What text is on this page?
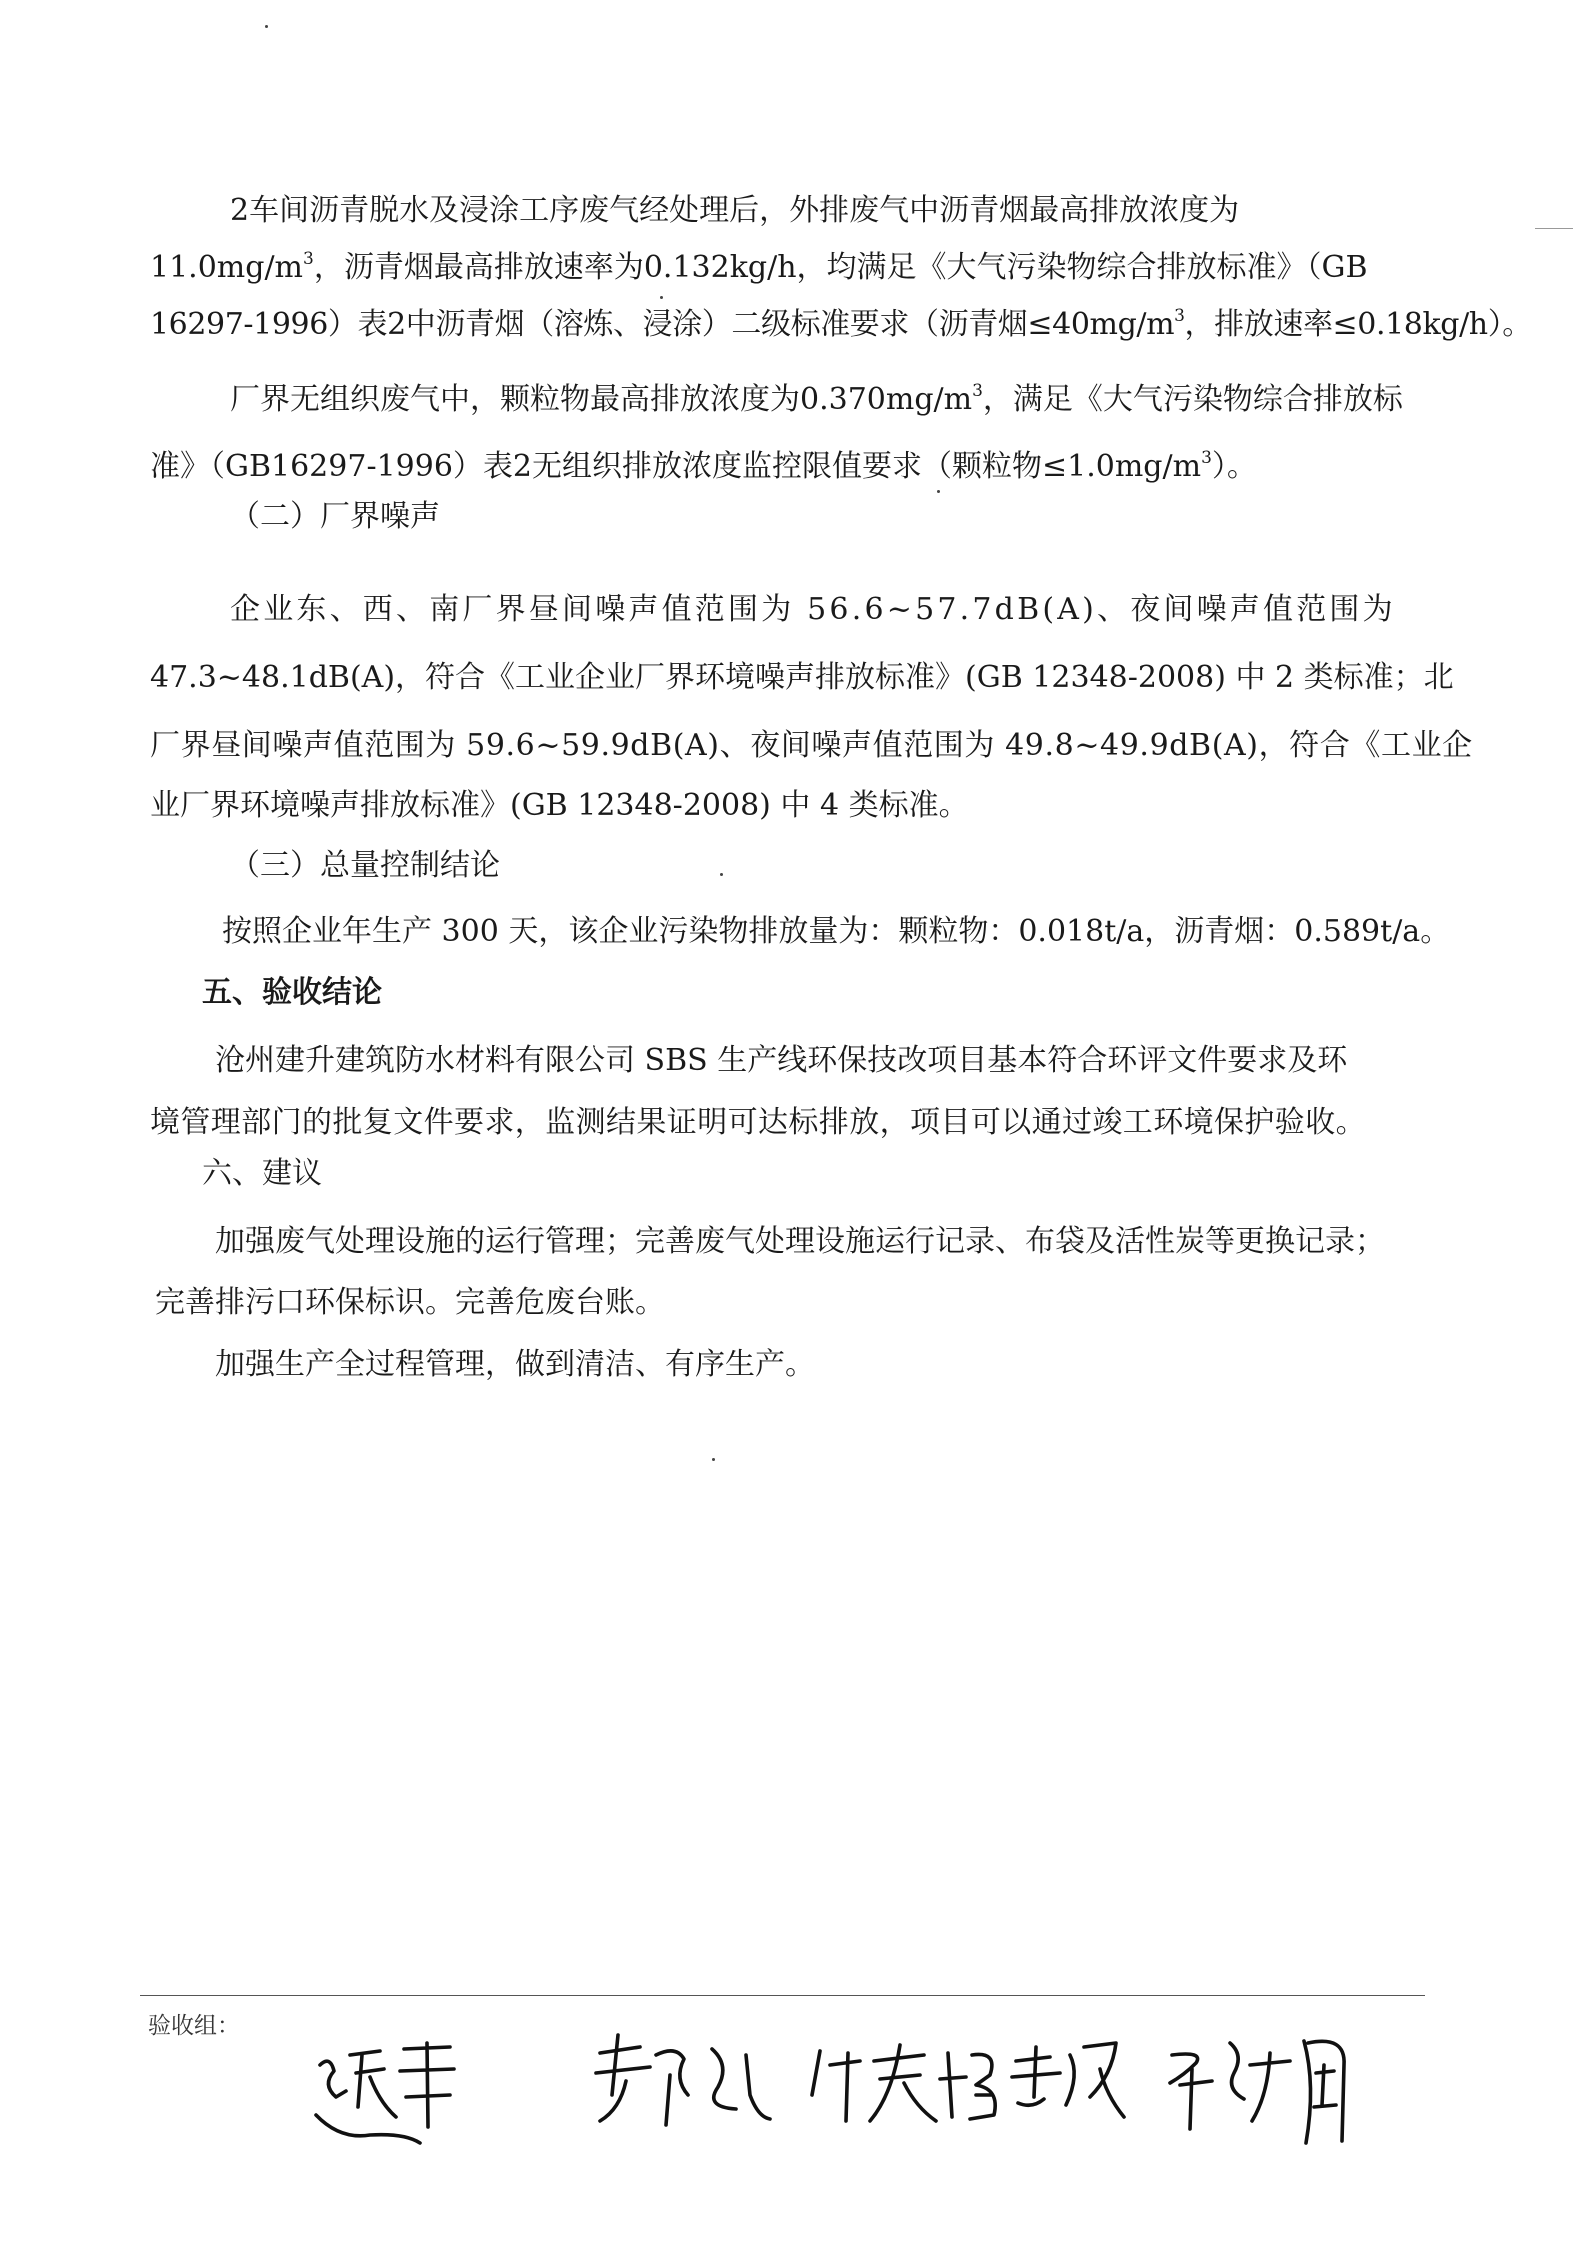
2车间沥青脱水及浸涂工序废气经处理后，外排废气中沥青烟最高排放浓度为
$11.0mg/m^3$，沥青烟最高排放速率为0.132kg/h，均满足《大气污染物综合排放标准》（GB
16297-1996）表2中沥青烟（溶炼、浸涂）二级标准要求（沥青烟$\le 40mg/m^3$，排放速率≤0.18kg/h）。
厂界无组织废气中，颗粒物最高排放浓度为$0.370mg/m^3$，满足《大气污染物综合排放标
准》（GB16297-1996）表2无组织排放浓度监控限值要求（颗粒物$\le 1.0mg/m^3$）。
（二）厂界噪声
企业东、西、南厂界昼间噪声值范围为 56.6~57.7dB(A)、夜间噪声值范围为
47.3~48.1dB(A)，符合《工业企业厂界环境噪声排放标准》(GB 12348-2008) 中 2 类标准；北
厂界昼间噪声值范围为 59.6~59.9dB(A)、夜间噪声值范围为 49.8~49.9dB(A)，符合《工业企
业厂界环境噪声排放标准》(GB 12348-2008) 中 4 类标准。
（三）总量控制结论
按照企业年生产 300 天，该企业污染物排放量为：颗粒物：0.018t/a，沥青烟：0.589t/a。
五、验收结论
沧州建升建筑防水材料有限公司 SBS 生产线环保技改项目基本符合环评文件要求及环
境管理部门的批复文件要求，监测结果证明可达标排放，项目可以通过竣工环境保护验收。
六、建议
加强废气处理设施的运行管理；完善废气处理设施运行记录、布袋及活性炭等更换记录；
完善排污口环保标识。完善危废台账。
加强生产全过程管理，做到清洁、有序生产。
验收组：
